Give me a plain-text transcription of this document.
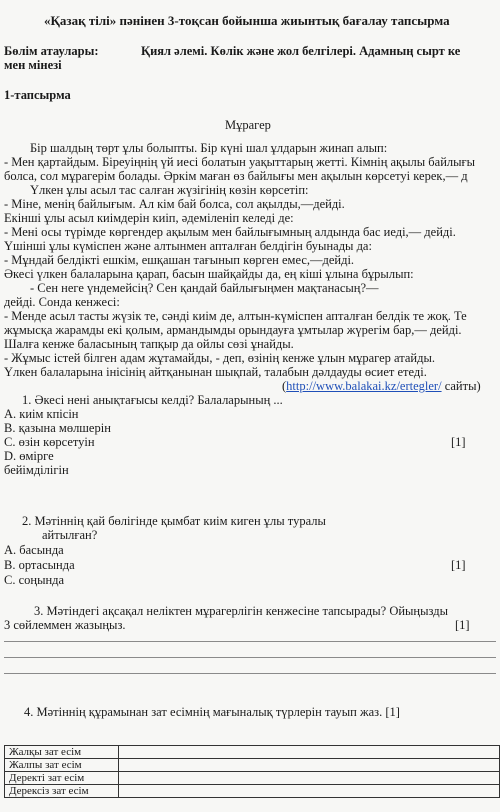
«Қазақ тілі» пәнінен 3-тоқсан бойынша жиынтық бағалау тапсырма
Бөлім атаулары:	Қиял әлемі. Көлік және жол белгілері. Адамның сырт ке
мен мінезі
1-тапсырма
Мұрагер
Бір шалдың төрт ұлы болыпты. Бір күні шал ұлдарын жинап алып:
- Мен қартайдым. Біреуіңнің үй иесі болатын уақыттарың жетті. Кімнің ақылы байлығы
болса, сол мұрагерім болады. Әркім маған өз байлығы мен ақылын көрсетуі керек,— д
Үлкен ұлы асыл тас салған жүзігінің көзін көрсетіп:
- Міне, менің байлығым. Ал кім бай болса, сол ақылды,—дейді.
Екінші ұлы асыл киімдерін киіп, әдемiленiп келеді де:
- Мені осы түрімде көргендер ақылым мен байлығымның алдында бас иеді,— дейді.
Үшінші ұлы күміспен және алтынмен апталған белдігін буынады да:
- Мұндай белдікті ешкім, ешқашан тағынып көрген емес,—дейді.
Әкесі үлкен балаларына қарап, басын шайқайды да, ең кіші ұлына бұрылып:
- Сен неге үндемейсің? Сен қандай байлығыңмен мақтанасың?—
дейді. Сонда кенжесі:
- Менде асыл тасты жүзік те, сәнді киім де, алтын-күміспен апталған белдік те жоқ. Те
жұмысқа жарамды екі қолым, армандымды орындауға ұмтылар жүрегім бар,— дейді.
Шалға кенже баласының тапқыр да ойлы сөзі ұнайды.
- Жұмыс істей білген адам жұтамайды, - деп, өзінің кенже ұлын мұрагер атайды.
Үлкен балаларына інісінің айтқанынан шықпай, талабын дәлдауды өсиет етеді.
(http://www.balakai.kz/ertegler/ сайты)
1. Әкесі нені анықтағысы келді? Балаларының ...
А. киім кпісін
В. қазына мөлшерін
С. өзін көрсетуін	[1]
D. өмірге
бейімділігін
2. Мәтіннің қай бөлігінде қымбат киім киген ұлы туралы
айтылған?
А. басында
В. ортасында	[1]
С. соңында
3. Мәтіндегі ақсақал неліктен мұрагерлігін кенжесіне тапсырады? Ойыңызды
3 сөйлеммен жазыңыз.	[1]
4. Мәтіннің құрамынан зат есімнің мағыналық түрлерін тауып жаз. [1]
Жалқы зат есім	
Жалпы зат есім	
Деректі зат есім	
Дерексіз зат есім	
